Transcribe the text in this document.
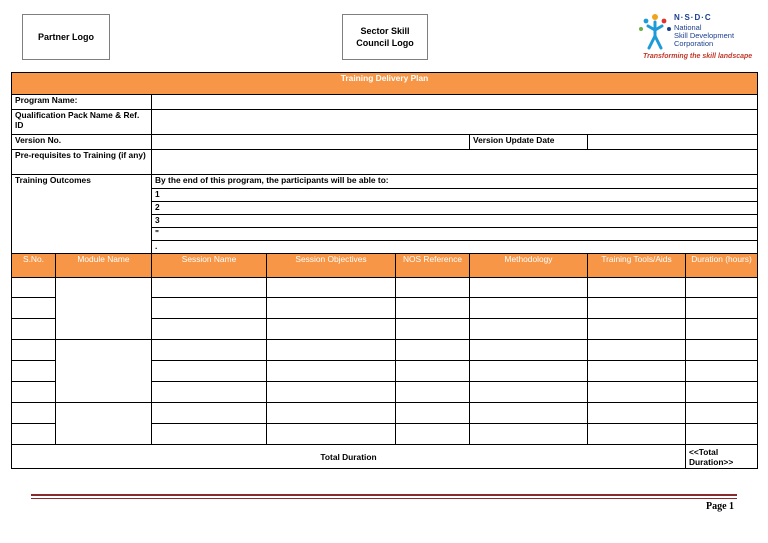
Partner Logo
Sector Skill Council Logo
N·S·D·C
National
Skill Development
Corporation
Transforming the skill landscape
Training Delivery Plan							
Program Name:							
Qualification Pack Name & Ref. ID							
Version No.					Version Update Date		
Pre-requisites to Training (if any)							
Training Outcomes		By the end of this program, the participants will be able to:					
		1					
		2					
		3					
		"					
		.					
S.No.	Module Name	Session Name	Session Objectives	NOS Reference	Methodology	Training Tools/Aids	Duration (hours)

Total Duration							<<Total Duration>>
Page 1
